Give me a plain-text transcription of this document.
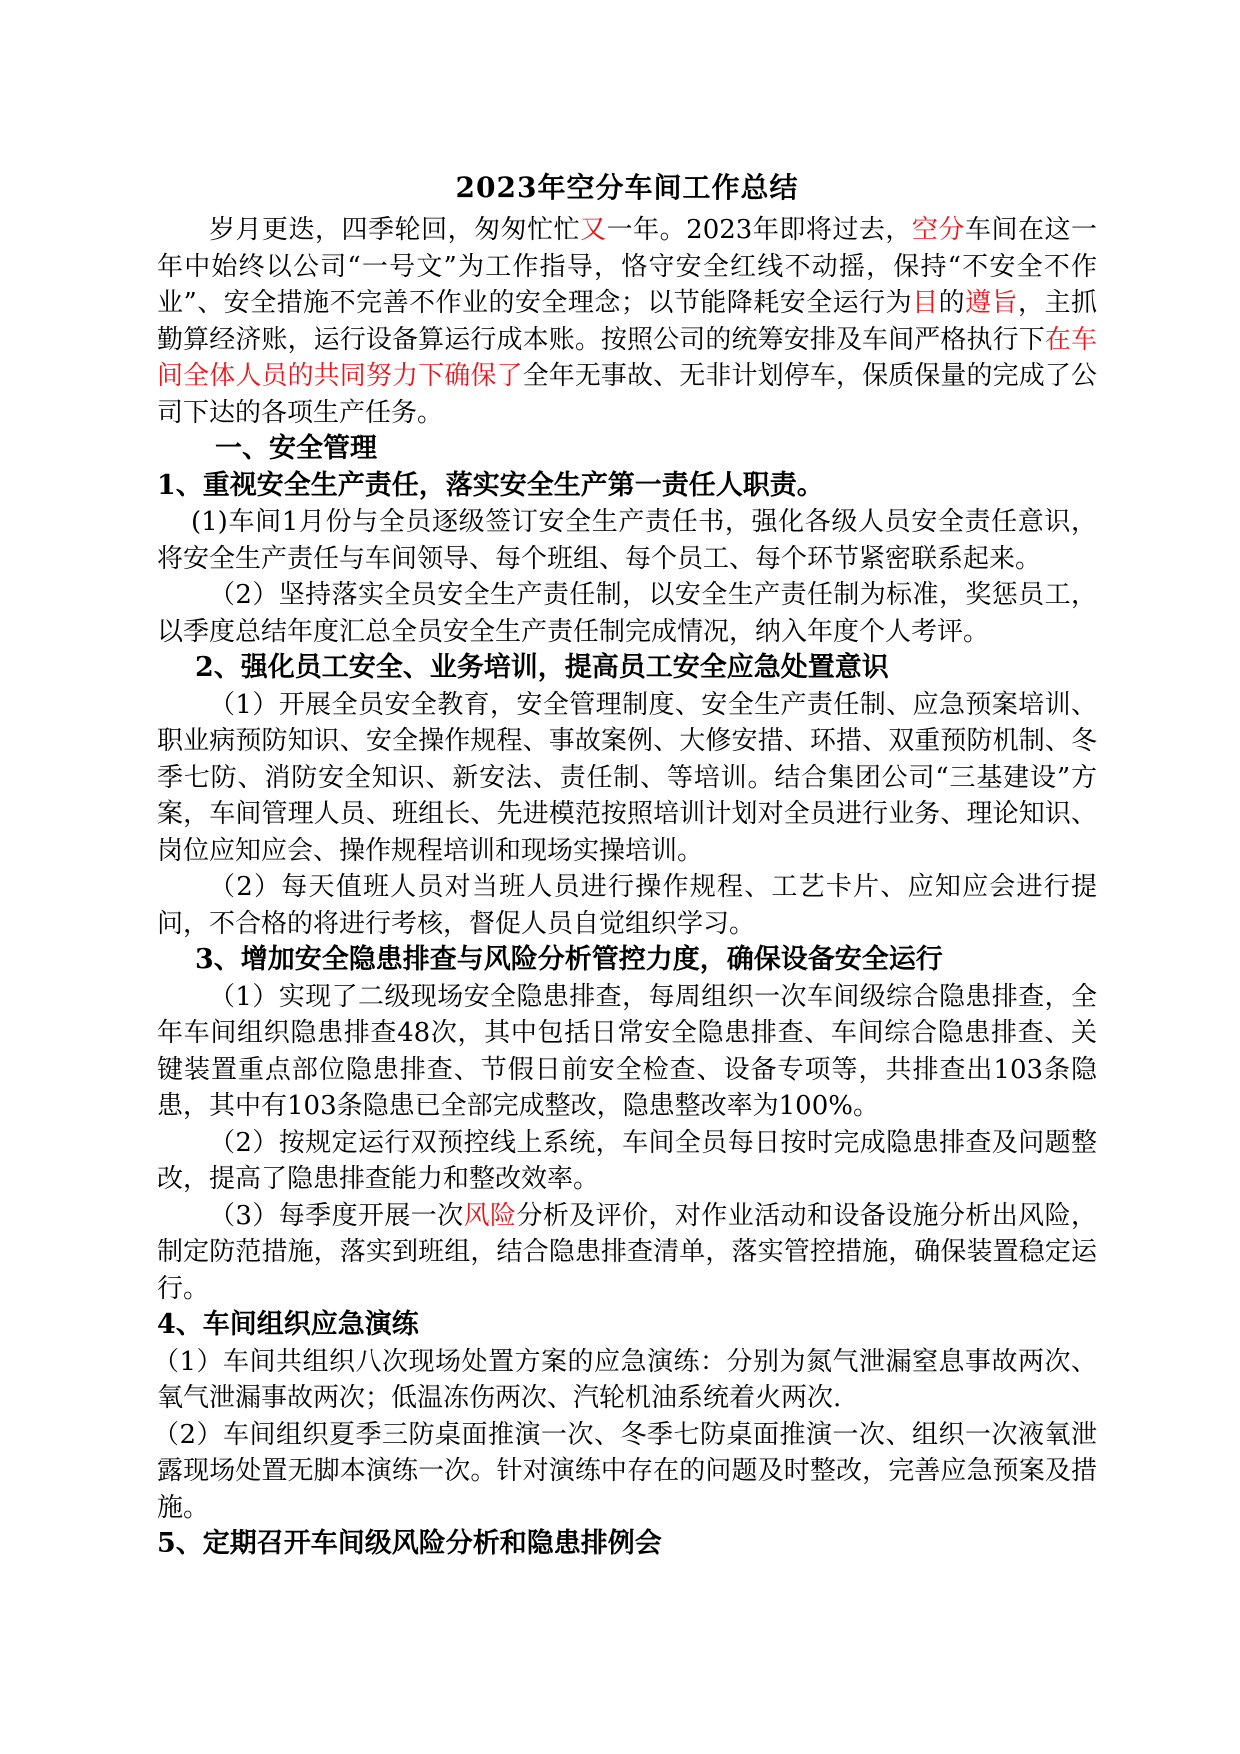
2023年空分车间工作总结

岁月更迭，四季轮回，匆匆忙忙又一年。2023年即将过去，空分车间在这一年中始终以公司“一号文”为工作指导，恪守安全红线不动摇，保持“不安全不作业”、安全措施不完善不作业的安全理念；以节能降耗安全运行为目的遵旨，主抓勤算经济账，运行设备算运行成本账。按照公司的统筹安排及车间严格执行下在车间全体人员的共同努力下确保了全年无事故、无非计划停车，保质保量的完成了公司下达的各项生产任务。

一、安全管理

1、重视安全生产责任，落实安全生产第一责任人职责。

(1)车间1月份与全员逐级签订安全生产责任书，强化各级人员安全责任意识，将安全生产责任与车间领导、每个班组、每个员工、每个环节紧密联系起来。

（2）坚持落实全员安全生产责任制，以安全生产责任制为标准，奖惩员工，以季度总结年度汇总全员安全生产责任制完成情况，纳入年度个人考评。

2、强化员工安全、业务培训，提高员工安全应急处置意识

（1）开展全员安全教育，安全管理制度、安全生产责任制、应急预案培训、职业病预防知识、安全操作规程、事故案例、大修安措、环措、双重预防机制、冬季七防、消防安全知识、新安法、责任制、等培训。结合集团公司“三基建设”方案，车间管理人员、班组长、先进模范按照培训计划对全员进行业务、理论知识、岗位应知应会、操作规程培训和现场实操培训。

（2）每天值班人员对当班人员进行操作规程、工艺卡片、应知应会进行提问，不合格的将进行考核，督促人员自觉组织学习。

3、增加安全隐患排查与风险分析管控力度，确保设备安全运行

（1）实现了二级现场安全隐患排查，每周组织一次车间级综合隐患排查，全年车间组织隐患排查48次，其中包括日常安全隐患排查、车间综合隐患排查、关键装置重点部位隐患排查、节假日前安全检查、设备专项等，共排查出103条隐患，其中有103条隐患已全部完成整改，隐患整改率为100%。

（2）按规定运行双预控线上系统，车间全员每日按时完成隐患排查及问题整改，提高了隐患排查能力和整改效率。

（3）每季度开展一次风险分析及评价，对作业活动和设备设施分析出风险，制定防范措施，落实到班组，结合隐患排查清单，落实管控措施，确保装置稳定运行。

4、车间组织应急演练

（1）车间共组织八次现场处置方案的应急演练：分别为氮气泄漏窒息事故两次、氧气泄漏事故两次；低温冻伤两次、汽轮机油系统着火两次.

（2）车间组织夏季三防桌面推演一次、冬季七防桌面推演一次、组织一次液氧泄露现场处置无脚本演练一次。针对演练中存在的问题及时整改，完善应急预案及措施。

5、定期召开车间级风险分析和隐患排例会
